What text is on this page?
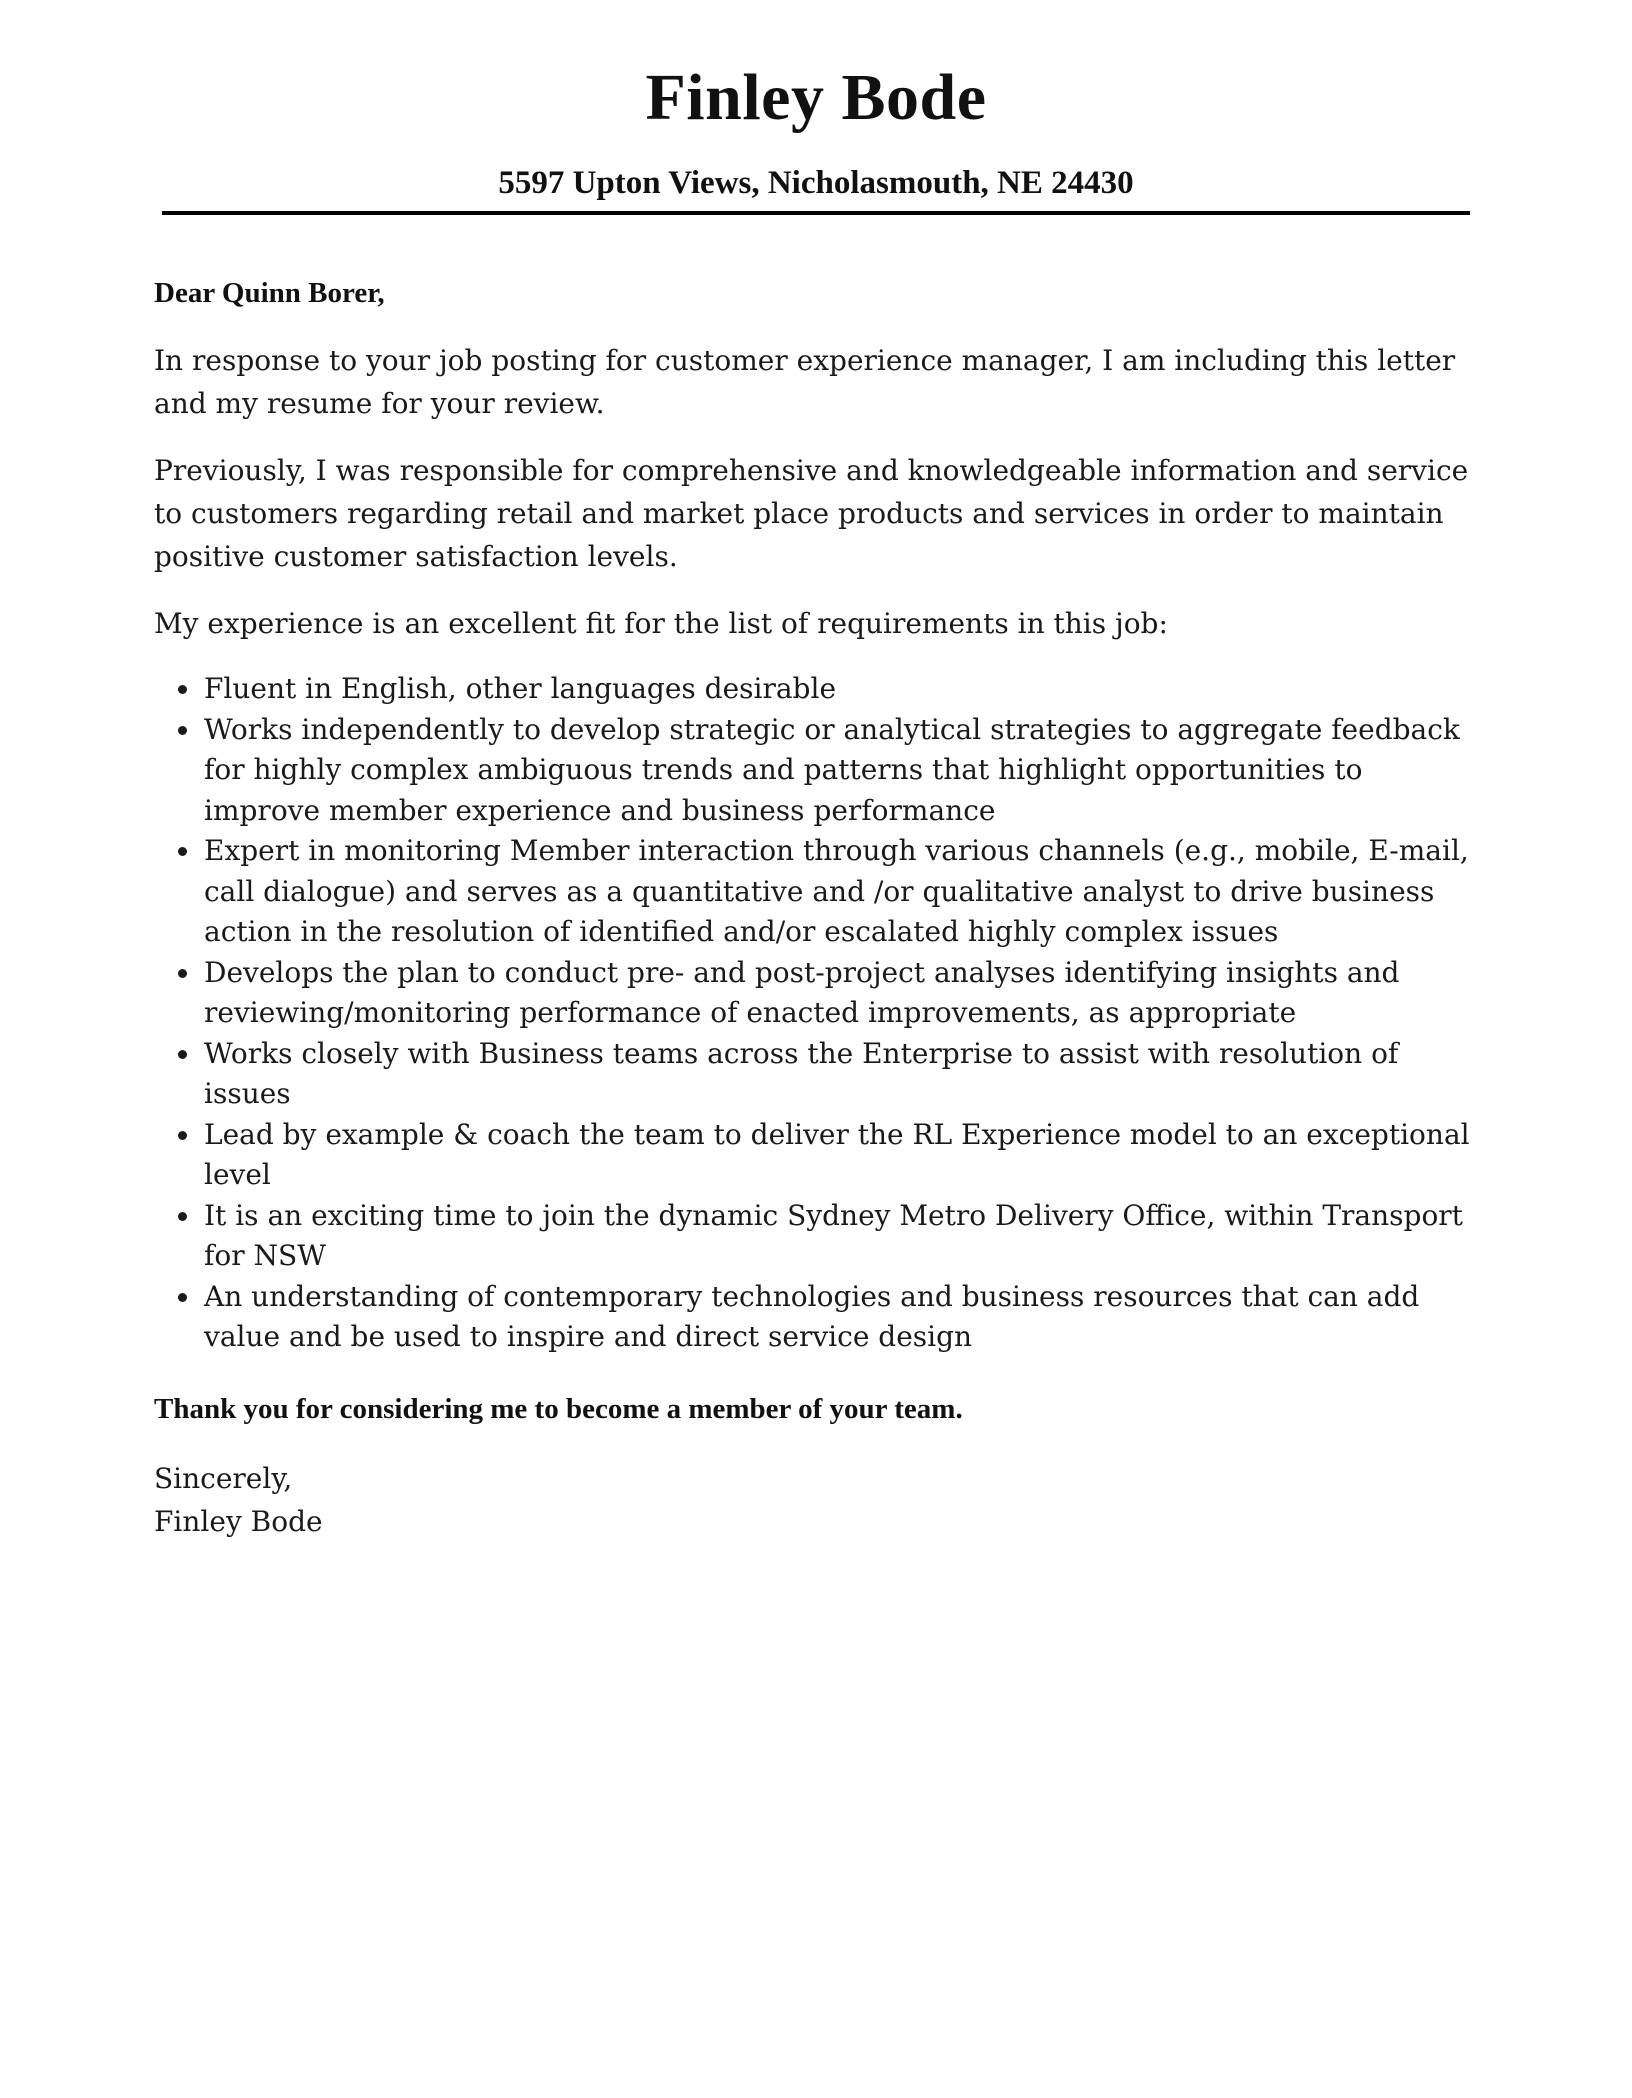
Finley Bode
5597 Upton Views, Nicholasmouth, NE 24430

Dear Quinn Borer,

In response to your job posting for customer experience manager, I am including this letter and my resume for your review.

Previously, I was responsible for comprehensive and knowledgeable information and service to customers regarding retail and market place products and services in order to maintain positive customer satisfaction levels.

My experience is an excellent fit for the list of requirements in this job:

• Fluent in English, other languages desirable
• Works independently to develop strategic or analytical strategies to aggregate feedback for highly complex ambiguous trends and patterns that highlight opportunities to improve member experience and business performance
• Expert in monitoring Member interaction through various channels (e.g., mobile, E-mail, call dialogue) and serves as a quantitative and /or qualitative analyst to drive business action in the resolution of identified and/or escalated highly complex issues
• Develops the plan to conduct pre- and post-project analyses identifying insights and reviewing/monitoring performance of enacted improvements, as appropriate
• Works closely with Business teams across the Enterprise to assist with resolution of issues
• Lead by example & coach the team to deliver the RL Experience model to an exceptional level
• It is an exciting time to join the dynamic Sydney Metro Delivery Office, within Transport for NSW
• An understanding of contemporary technologies and business resources that can add value and be used to inspire and direct service design

Thank you for considering me to become a member of your team.

Sincerely,
Finley Bode
